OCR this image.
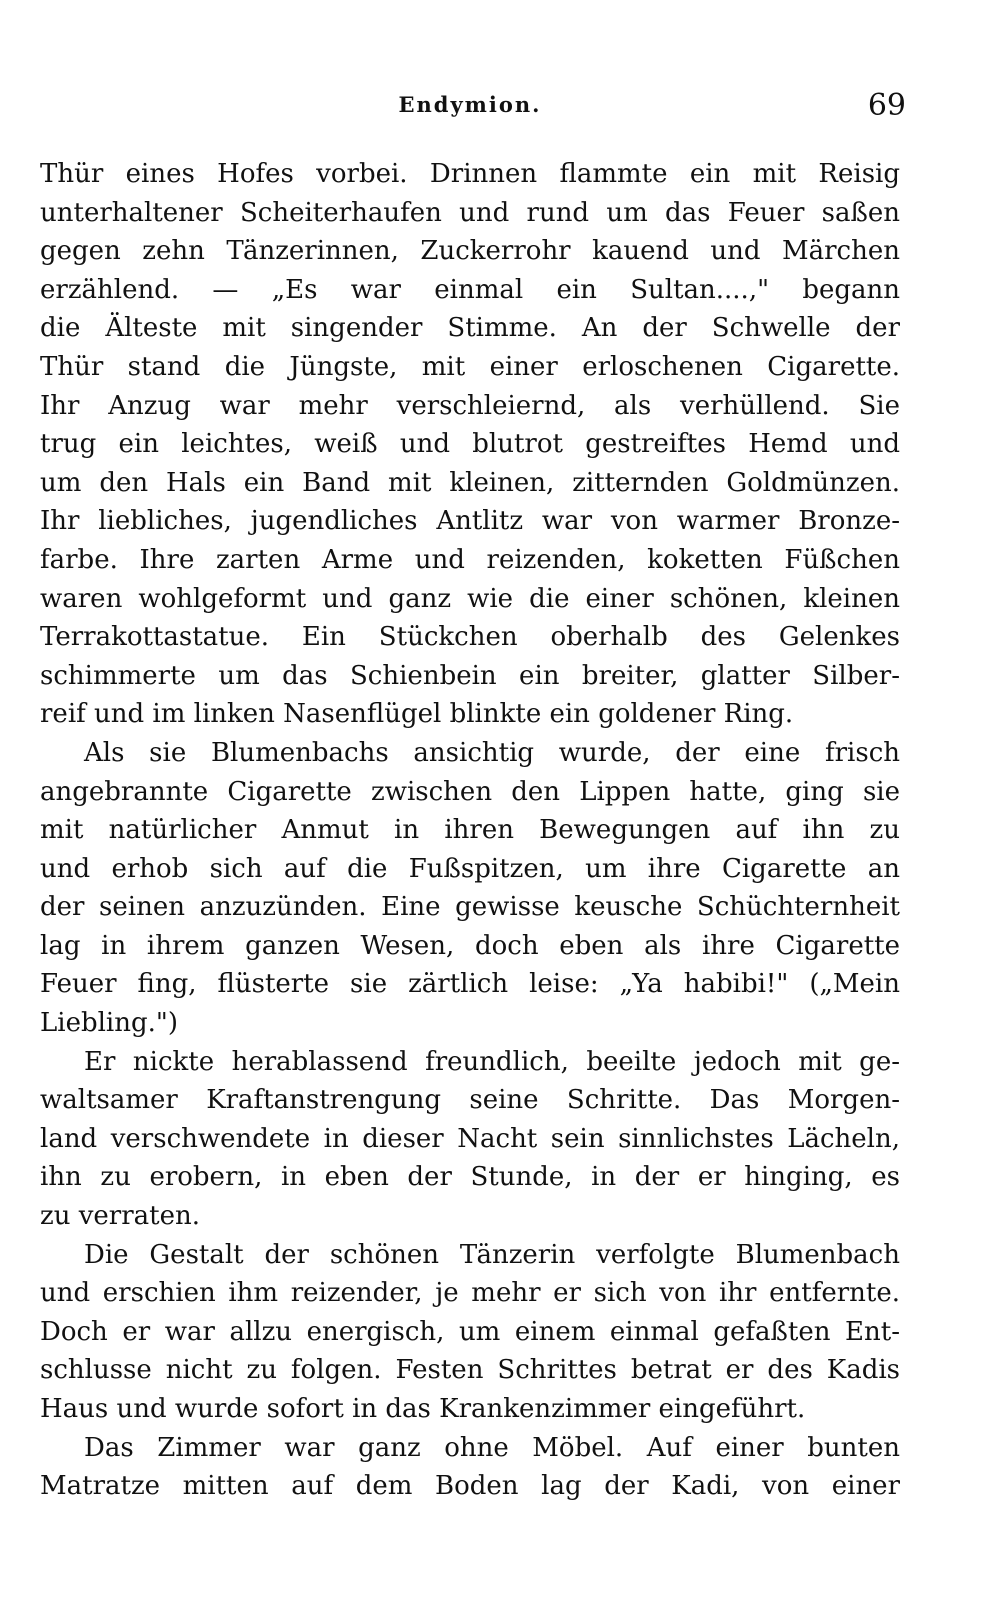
Endymion.	69
Thür eines Hofes vorbei. Drinnen flammte ein mit Reisig
unterhaltener Scheiterhaufen und rund um das Feuer saßen
gegen zehn Tänzerinnen, Zuckerrohr kauend und Märchen
erzählend. — „Es war einmal ein Sultan....," begann
die Älteste mit singender Stimme. An der Schwelle der
Thür stand die Jüngste, mit einer erloschenen Cigarette.
Ihr Anzug war mehr verschleiernd, als verhüllend. Sie
trug ein leichtes, weiß und blutrot gestreiftes Hemd und
um den Hals ein Band mit kleinen, zitternden Goldmünzen.
Ihr liebliches, jugendliches Antlitz war von warmer Bronze-
farbe. Ihre zarten Arme und reizenden, koketten Füßchen
waren wohlgeformt und ganz wie die einer schönen, kleinen
Terrakottastatue. Ein Stückchen oberhalb des Gelenkes
schimmerte um das Schienbein ein breiter, glatter Silber-
reif und im linken Nasenflügel blinkte ein goldener Ring.
Als sie Blumenbachs ansichtig wurde, der eine frisch
angebrannte Cigarette zwischen den Lippen hatte, ging sie
mit natürlicher Anmut in ihren Bewegungen auf ihn zu
und erhob sich auf die Fußspitzen, um ihre Cigarette an
der seinen anzuzünden. Eine gewisse keusche Schüchternheit
lag in ihrem ganzen Wesen, doch eben als ihre Cigarette
Feuer fing, flüsterte sie zärtlich leise: „Ya habibi!" („Mein
Liebling.")
Er nickte herablassend freundlich, beeilte jedoch mit ge-
waltsamer Kraftanstrengung seine Schritte. Das Morgen-
land verschwendete in dieser Nacht sein sinnlichstes Lächeln,
ihn zu erobern, in eben der Stunde, in der er hinging, es
zu verraten.
Die Gestalt der schönen Tänzerin verfolgte Blumenbach
und erschien ihm reizender, je mehr er sich von ihr entfernte.
Doch er war allzu energisch, um einem einmal gefaßten Ent-
schlusse nicht zu folgen. Festen Schrittes betrat er des Kadis
Haus und wurde sofort in das Krankenzimmer eingeführt.
Das Zimmer war ganz ohne Möbel. Auf einer bunten
Matratze mitten auf dem Boden lag der Kadi, von einer
